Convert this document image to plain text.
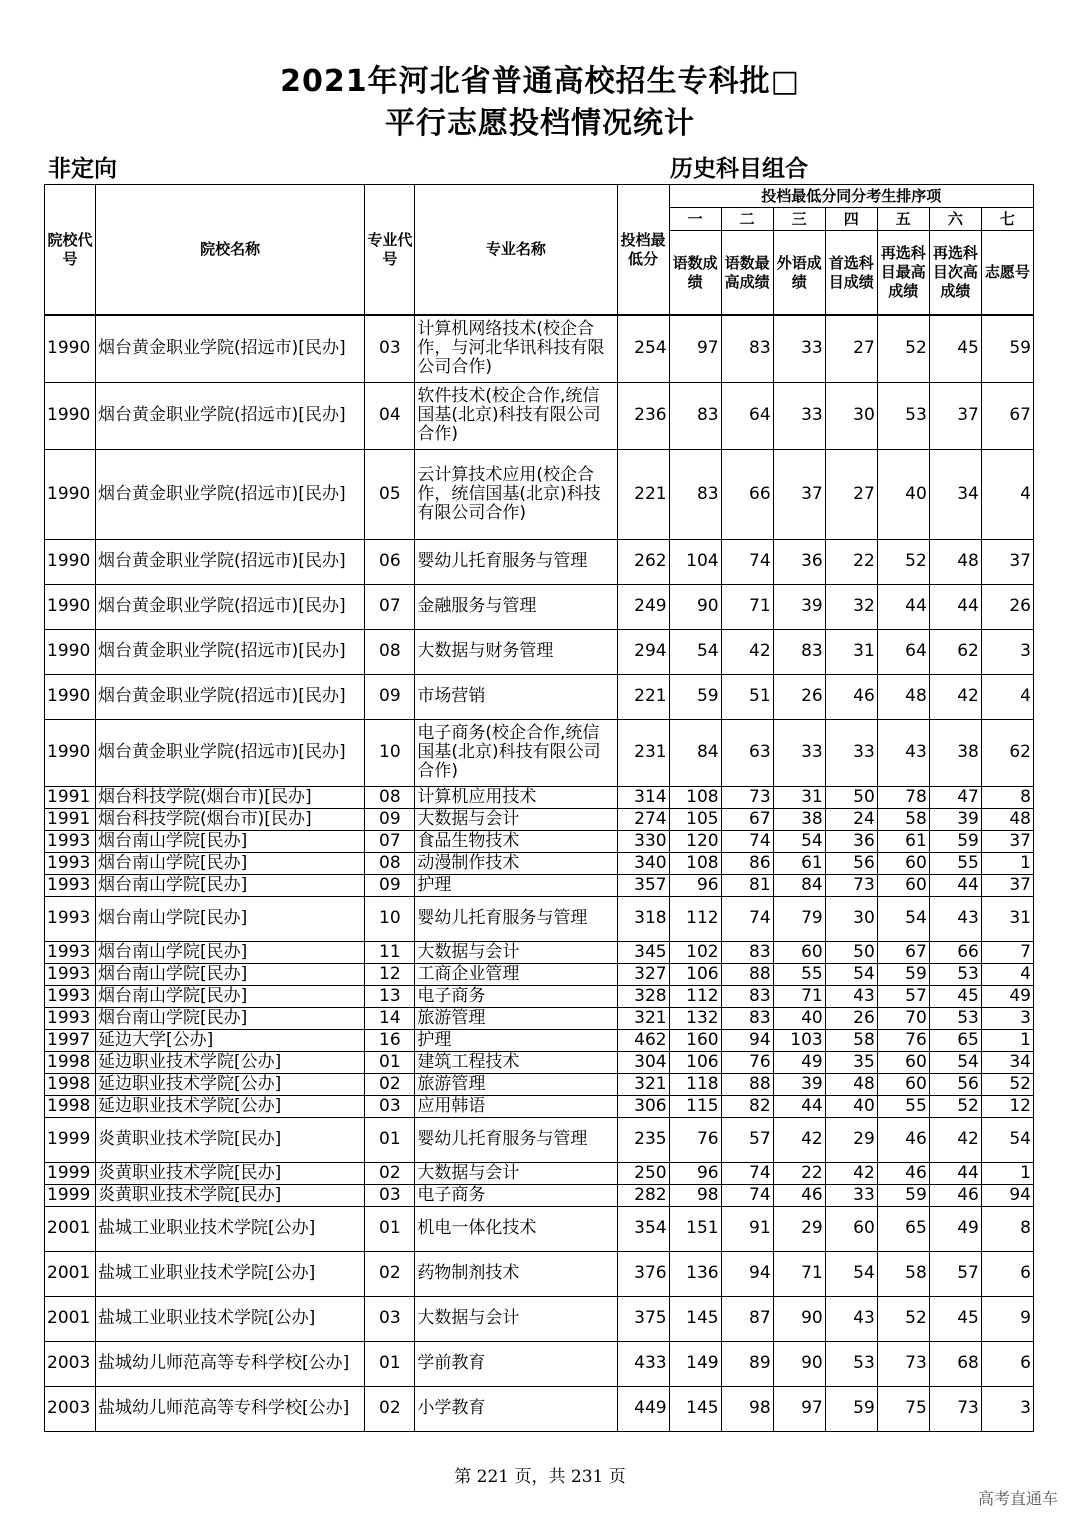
2021年河北省普通高校招生专科批□
平行志愿投档情况统计
非定向	历史科目组合
院校代号	院校名称	专业代号	专业名称	投档最低分	投档最低分同分考生排序项						
					一	二	三	四	五	六	七
					语数成绩	语数最高成绩	外语成绩	首选科目成绩	再选科目最高成绩	再选科目次高成绩	志愿号
1990	烟台黄金职业学院(招远市)[民办]	03	计算机网络技术(校企合作，与河北华讯科技有限公司合作)	254	97	83	33	27	52	45	59
1990	烟台黄金职业学院(招远市)[民办]	04	软件技术(校企合作,统信国基(北京)科技有限公司合作)	236	83	64	33	30	53	37	67
1990	烟台黄金职业学院(招远市)[民办]	05	云计算技术应用(校企合作，统信国基(北京)科技有限公司合作)	221	83	66	37	27	40	34	4
1990	烟台黄金职业学院(招远市)[民办]	06	婴幼儿托育服务与管理	262	104	74	36	22	52	48	37
1990	烟台黄金职业学院(招远市)[民办]	07	金融服务与管理	249	90	71	39	32	44	44	26
1990	烟台黄金职业学院(招远市)[民办]	08	大数据与财务管理	294	54	42	83	31	64	62	3
1990	烟台黄金职业学院(招远市)[民办]	09	市场营销	221	59	51	26	46	48	42	4
1990	烟台黄金职业学院(招远市)[民办]	10	电子商务(校企合作,统信国基(北京)科技有限公司合作)	231	84	63	33	33	43	38	62
1991	烟台科技学院(烟台市)[民办]	08	计算机应用技术	314	108	73	31	50	78	47	8
1991	烟台科技学院(烟台市)[民办]	09	大数据与会计	274	105	67	38	24	58	39	48
1993	烟台南山学院[民办]	07	食品生物技术	330	120	74	54	36	61	59	37
1993	烟台南山学院[民办]	08	动漫制作技术	340	108	86	61	56	60	55	1
1993	烟台南山学院[民办]	09	护理	357	96	81	84	73	60	44	37
1993	烟台南山学院[民办]	10	婴幼儿托育服务与管理	318	112	74	79	30	54	43	31
1993	烟台南山学院[民办]	11	大数据与会计	345	102	83	60	50	67	66	7
1993	烟台南山学院[民办]	12	工商企业管理	327	106	88	55	54	59	53	4
1993	烟台南山学院[民办]	13	电子商务	328	112	83	71	43	57	45	49
1993	烟台南山学院[民办]	14	旅游管理	321	132	83	40	26	70	53	3
1997	延边大学[公办]	16	护理	462	160	94	103	58	76	65	1
1998	延边职业技术学院[公办]	01	建筑工程技术	304	106	76	49	35	60	54	34
1998	延边职业技术学院[公办]	02	旅游管理	321	118	88	39	48	60	56	52
1998	延边职业技术学院[公办]	03	应用韩语	306	115	82	44	40	55	52	12
1999	炎黄职业技术学院[民办]	01	婴幼儿托育服务与管理	235	76	57	42	29	46	42	54
1999	炎黄职业技术学院[民办]	02	大数据与会计	250	96	74	22	42	46	44	1
1999	炎黄职业技术学院[民办]	03	电子商务	282	98	74	46	33	59	46	94
2001	盐城工业职业技术学院[公办]	01	机电一体化技术	354	151	91	29	60	65	49	8
2001	盐城工业职业技术学院[公办]	02	药物制剂技术	376	136	94	71	54	58	57	6
2001	盐城工业职业技术学院[公办]	03	大数据与会计	375	145	87	90	43	52	45	9
2003	盐城幼儿师范高等专科学校[公办]	01	学前教育	433	149	89	90	53	73	68	6
2003	盐城幼儿师范高等专科学校[公办]	02	小学教育	449	145	98	97	59	75	73	3
第 221 页，共 231 页
高考直通车
